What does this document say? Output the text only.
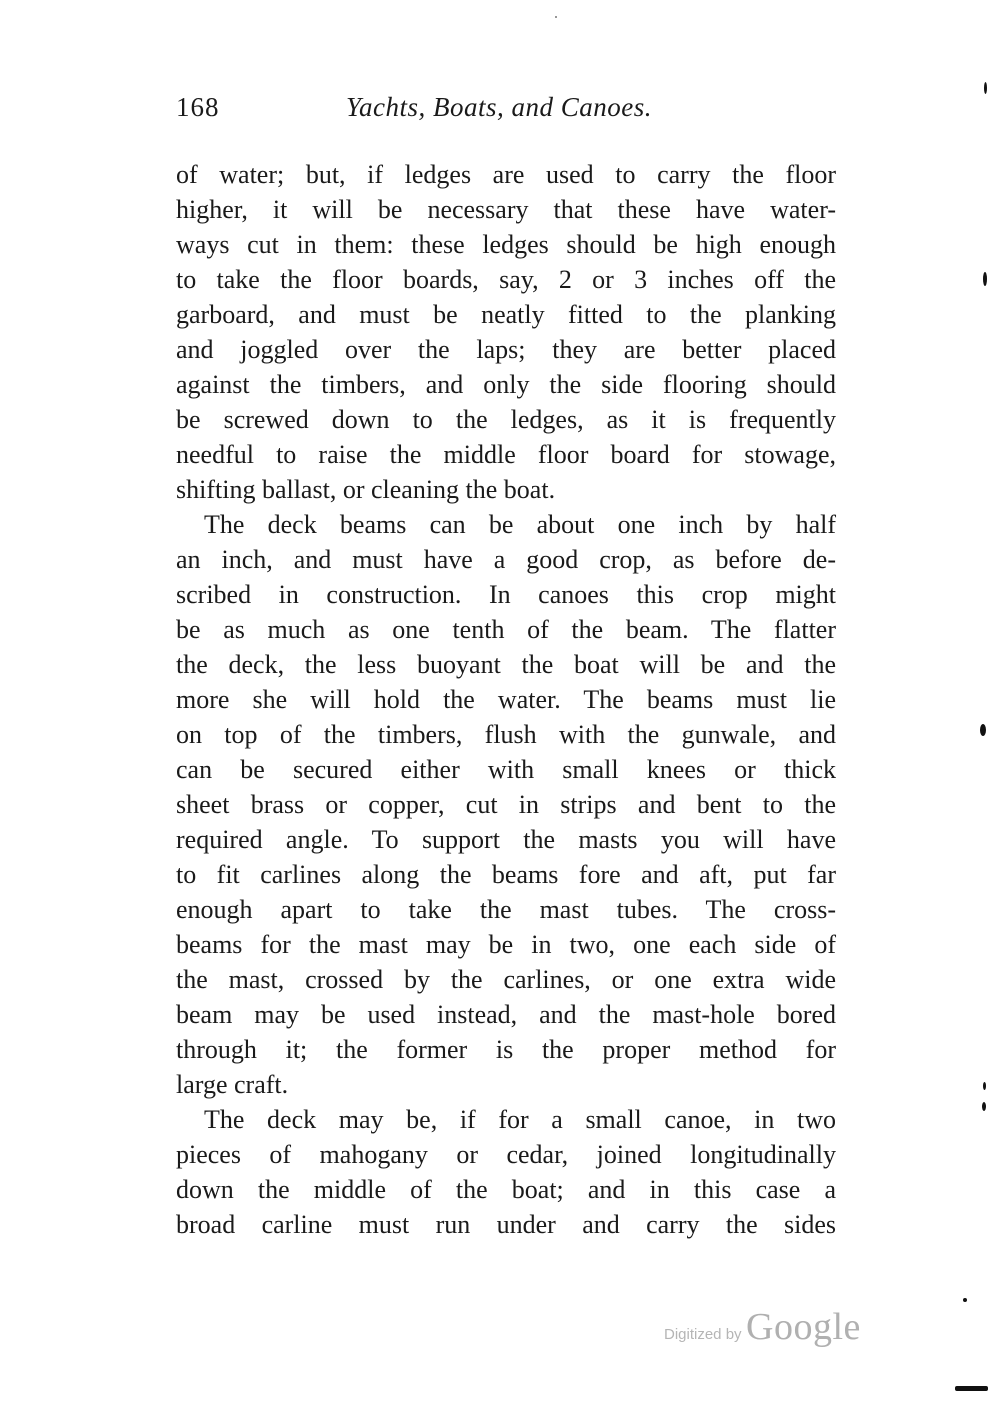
168	Yachts, Boats, and Canoes.
of water; but, if ledges are used to carry the floor
higher, it will be necessary that these have water-
ways cut in them: these ledges should be high enough
to take the floor boards, say, 2 or 3 inches off the
garboard, and must be neatly fitted to the planking
and joggled over the laps; they are better placed
against the timbers, and only the side flooring should
be screwed down to the ledges, as it is frequently
needful to raise the middle floor board for stowage,
shifting ballast, or cleaning the boat.
The deck beams can be about one inch by half
an inch, and must have a good crop, as before de-
scribed in construction. In canoes this crop might
be as much as one tenth of the beam. The flatter
the deck, the less buoyant the boat will be and the
more she will hold the water. The beams must lie
on top of the timbers, flush with the gunwale, and
can be secured either with small knees or thick
sheet brass or copper, cut in strips and bent to the
required angle. To support the masts you will have
to fit carlines along the beams fore and aft, put far
enough apart to take the mast tubes. The cross-
beams for the mast may be in two, one each side of
the mast, crossed by the carlines, or one extra wide
beam may be used instead, and the mast-hole bored
through it; the former is the proper method for
large craft.
The deck may be, if for a small canoe, in two
pieces of mahogany or cedar, joined longitudinally
down the middle of the boat; and in this case a
broad carline must run under and carry the sides
Digitized by Google
